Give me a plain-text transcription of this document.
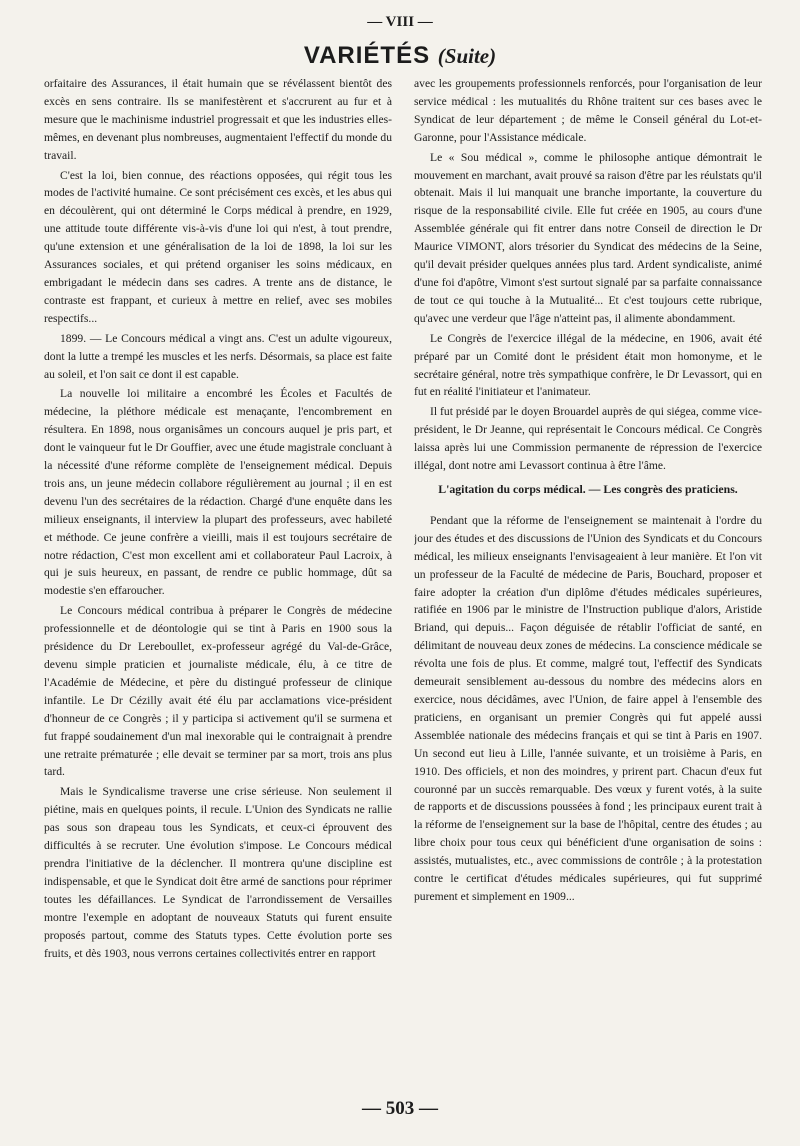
— VIII —
VARIÉTÉS (Suite)

orfaitaire des Assurances, il était humain que se révélassent bientôt des excès en sens contraire. Ils se manifestèrent et s'accrurent au fur et à mesure que le machinisme industriel progressait et que les industries elles-mêmes, en devenant plus nombreuses, augmentaient l'effectif du monde du travail.

C'est la loi, bien connue, des réactions opposées, qui régit tous les modes de l'activité humaine. Ce sont précisément ces excès, et les abus qui en découlèrent, qui ont déterminé le Corps médical à prendre, en 1929, une attitude toute différente vis-à-vis d'une loi qui n'est, à tout prendre, qu'une extension et une généralisation de la loi de 1898, la loi sur les Assurances sociales, et qui prétend organiser les soins médicaux, en embrigadant le médecin dans ses cadres. A trente ans de distance, le contraste est frappant, et curieux à mettre en relief, avec ses mobiles respectifs...

1899. — Le Concours médical a vingt ans. C'est un adulte vigoureux, dont la lutte a trempé les muscles et les nerfs. Désormais, sa place est faite au soleil, et l'on sait ce dont il est capable.

La nouvelle loi militaire a encombré les Écoles et Facultés de médecine, la pléthore médicale est menaçante, l'encombrement en résultera. En 1898, nous organisâmes un concours auquel je pris part, et dont le vainqueur fut le Dr Gouffier, avec une étude magistrale concluant à la nécessité d'une réforme complète de l'enseignement médical. Depuis trois ans, un jeune médecin collabore régulièrement au journal ; il en est devenu l'un des secrétaires de la rédaction. Chargé d'une enquête dans les milieux enseignants, il interview la plupart des professeurs, avec habileté et méthode. Ce jeune confrère a vieilli, mais il est toujours secrétaire de notre rédaction, C'est mon excellent ami et collaborateur Paul Lacroix, à qui je suis heureux, en passant, de rendre ce public hommage, dût sa modestie s'en effaroucher.

Le Concours médical contribua à préparer le Congrès de médecine professionnelle et de déontologie qui se tint à Paris en 1900 sous la présidence du Dr Lereboullet, ex-professeur agrégé du Val-de-Grâce, devenu simple praticien et journaliste médicale, élu, à ce titre de l'Académie de Médecine, et père du distingué professeur de clinique infantile. Le Dr Cézilly avait été élu par acclamations vice-président d'honneur de ce Congrès ; il y participa si activement qu'il se surmena et fut frappé soudainement d'un mal inexorable qui le contraignait à prendre une retraite prématurée ; elle devait se terminer par sa mort, trois ans plus tard.

Mais le Syndicalisme traverse une crise sérieuse. Non seulement il piétine, mais en quelques points, il recule. L'Union des Syndicats ne rallie pas sous son drapeau tous les Syndicats, et ceux-ci éprouvent des difficultés à se recruter. Une évolution s'impose. Le Concours médical prendra l'initiative de la déclencher. Il montrera qu'une discipline est indispensable, et que le Syndicat doit être armé de sanctions pour réprimer toutes les défaillances. Le Syndicat de l'arrondissement de Versailles montre l'exemple en adoptant de nouveaux Statuts qui furent ensuite proposés partout, comme des Statuts types. Cette évolution porte ses fruits, et dès 1903, nous verrons certaines collectivités entrer en rapport

avec les groupements professionnels renforcés, pour l'organisation de leur service médical : les mutualités du Rhône traitent sur ces bases avec le Syndicat de leur département ; de même le Conseil général du Lot-et-Garonne, pour l'Assistance médicale.

Le « Sou médical », comme le philosophe antique démontrait le mouvement en marchant, avait prouvé sa raison d'être par les réulstats qu'il obtenait. Mais il lui manquait une branche importante, la couverture du risque de la responsabilité civile. Elle fut créée en 1905, au cours d'une Assemblée générale qui fit entrer dans notre Conseil de direction le Dr Maurice VIMONT, alors trésorier du Syndicat des médecins de la Seine, qu'il devait présider quelques années plus tard. Ardent syndicaliste, animé d'une foi d'apôtre, Vimont s'est surtout signalé par sa parfaite connaissance de tout ce qui touche à la Mutualité... Et c'est toujours cette rubrique, qu'avec une verdeur que l'âge n'atteint pas, il alimente abondamment.

Le Congrès de l'exercice illégal de la médecine, en 1906, avait été préparé par un Comité dont le président était mon homonyme, et le secrétaire général, notre très sympathique confrère, le Dr Levassort, qui en fut en réalité l'initiateur et l'animateur.

Il fut présidé par le doyen Brouardel auprès de qui siégea, comme vice-président, le Dr Jeanne, qui représentait le Concours médical. Ce Congrès laissa après lui une Commission permanente de répression de l'exercice illégal, dont notre ami Levassort continua à être l'âme.

L'agitation du corps médical. — Les congrès des praticiens.

Pendant que la réforme de l'enseignement se maintenait à l'ordre du jour des études et des discussions de l'Union des Syndicats et du Concours médical, les milieux enseignants l'envisageaient à leur manière. Et l'on vit un professeur de la Faculté de médecine de Paris, Bouchard, proposer et faire adopter la création d'un diplôme d'études médicales supérieures, ratifiée en 1906 par le ministre de l'Instruction publique d'alors, Aristide Briand, qui depuis... Façon déguisée de rétablir l'officiat de santé, en délimitant de nouveau deux zones de médecins. La conscience médicale se révolta une fois de plus. Et comme, malgré tout, l'effectif des Syndicats demeurait sensiblement au-dessous du nombre des médecins alors en exercice, nous décidâmes, avec l'Union, de faire appel à l'ensemble des praticiens, en organisant un premier Congrès qui fut appelé aussi Assemblée nationale des médecins français et qui se tint à Paris en 1907. Un second eut lieu à Lille, l'année suivante, et un troisième à Paris, en 1910. Des officiels, et non des moindres, y prirent part. Chacun d'eux fut couronné par un succès remarquable. Des vœux y furent votés, à la suite de rapports et de discussions poussées à fond ; les principaux eurent trait à la réforme de l'enseignement sur la base de l'hôpital, centre des études ; au libre choix pour tous ceux qui bénéficient d'une organisation de soins : assistés, mutualistes, etc., avec commissions de contrôle ; à la protestation contre le certificat d'études médicales supérieures, qui fut supprimé purement et simplement en 1909...

— 503 —
